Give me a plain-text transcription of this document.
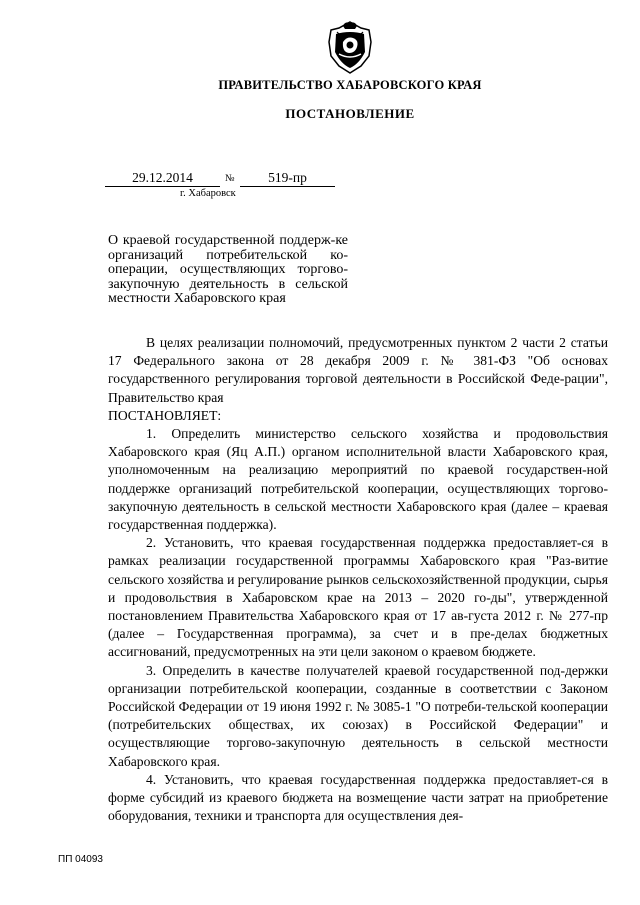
ПРАВИТЕЛЬСТВО ХАБАРОВСКОГО КРАЯ
ПОСТАНОВЛЕНИЕ
29.12.2014	№	519-пр
г. Хабаровск
О краевой государственной поддерж-ке организаций потребительской ко-операции, осуществляющих торгово-закупочную деятельность в сельской местности Хабаровского края

В целях реализации полномочий, предусмотренных пунктом 2 части 2 статьи 17 Федерального закона от 28 декабря 2009 г. № 381-ФЗ "Об основах государственного регулирования торговой деятельности в Российской Феде-рации", Правительство края

ПОСТАНОВЛЯЕТ:

1. Определить министерство сельского хозяйства и продовольствия Хабаровского края (Яц А.П.) органом исполнительной власти Хабаровского края, уполномоченным на реализацию мероприятий по краевой государствен-ной поддержке организаций потребительской кооперации, осуществляющих торгово-закупочную деятельность в сельской местности Хабаровского края (далее – краевая государственная поддержка).

2. Установить, что краевая государственная поддержка предоставляет-ся в рамках реализации государственной программы Хабаровского края "Раз-витие сельского хозяйства и регулирование рынков сельскохозяйственной продукции, сырья и продовольствия в Хабаровском крае на 2013 – 2020 го-ды", утвержденной постановлением Правительства Хабаровского края от 17 ав-густа 2012 г. № 277-пр (далее – Государственная программа), за счет и в пре-делах бюджетных ассигнований, предусмотренных на эти цели законом о краевом бюджете.

3. Определить в качестве получателей краевой государственной под-держки организации потребительской кооперации, созданные в соответствии с Законом Российской Федерации от 19 июня 1992 г. № 3085-1 "О потреби-тельской кооперации (потребительских обществах, их союзах) в Российской Федерации" и осуществляющие торгово-закупочную деятельность в сельской местности Хабаровского края.

4. Установить, что краевая государственная поддержка предоставляет-ся в форме субсидий из краевого бюджета на возмещение части затрат на приобретение оборудования, техники и транспорта для осуществления дея-

ПП 04093
